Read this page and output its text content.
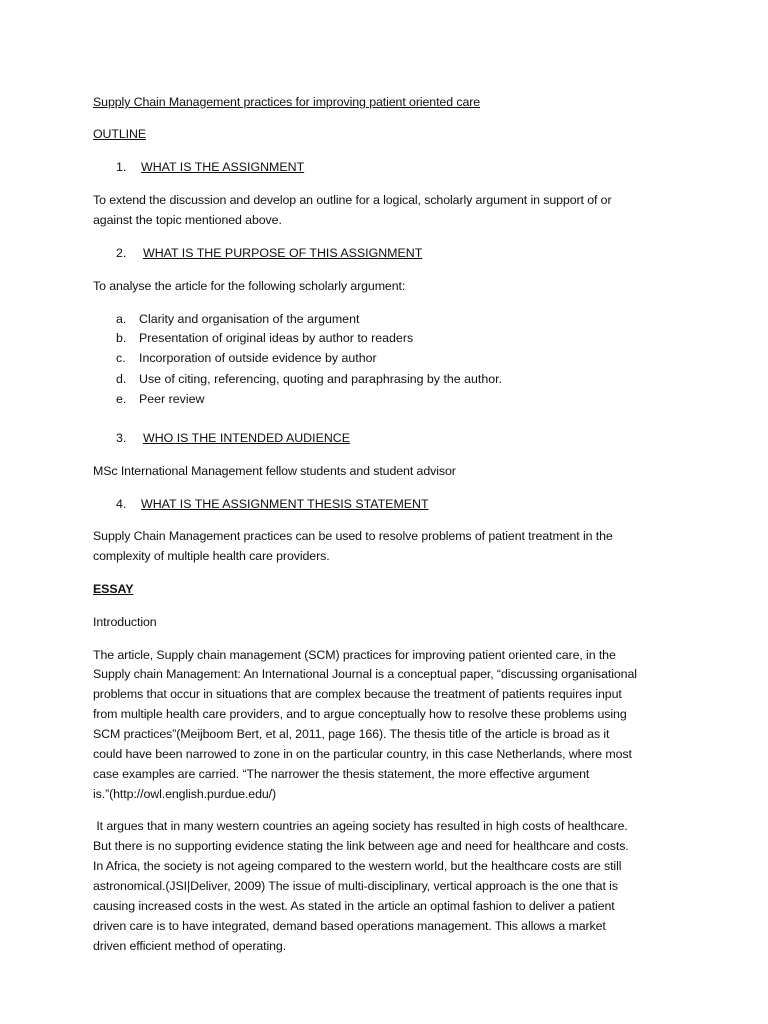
Supply Chain Management practices for improving patient oriented care
OUTLINE
1. WHAT IS THE ASSIGNMENT
To extend the discussion and develop an outline for a logical, scholarly argument in support of or
against the topic mentioned above.
2. WHAT IS THE PURPOSE OF THIS ASSIGNMENT
To analyse the article for the following scholarly argument:
a. Clarity and organisation of the argument
b. Presentation of original ideas by author to readers
c. Incorporation of outside evidence by author
d. Use of citing, referencing, quoting and paraphrasing by the author.
e. Peer review
3. WHO IS THE INTENDED AUDIENCE
MSc International Management fellow students and student advisor
4. WHAT IS THE ASSIGNMENT THESIS STATEMENT
Supply Chain Management practices can be used to resolve problems of patient treatment in the
complexity of multiple health care providers.
ESSAY
Introduction
The article, Supply chain management (SCM) practices for improving patient oriented care, in the
Supply chain Management: An International Journal is a conceptual paper, “discussing organisational
problems that occur in situations that are complex because the treatment of patients requires input
from multiple health care providers, and to argue conceptually how to resolve these problems using
SCM practices”(Meijboom Bert, et al, 2011, page 166). The thesis title of the article is broad as it
could have been narrowed to zone in on the particular country, in this case Netherlands, where most
case examples are carried. “The narrower the thesis statement, the more effective argument
is.”(http://owl.english.purdue.edu/)
It argues that in many western countries an ageing society has resulted in high costs of healthcare.
But there is no supporting evidence stating the link between age and need for healthcare and costs.
In Africa, the society is not ageing compared to the western world, but the healthcare costs are still
astronomical.(JSI|Deliver, 2009) The issue of multi-disciplinary, vertical approach is the one that is
causing increased costs in the west. As stated in the article an optimal fashion to deliver a patient
driven care is to have integrated, demand based operations management. This allows a market
driven efficient method of operating.
